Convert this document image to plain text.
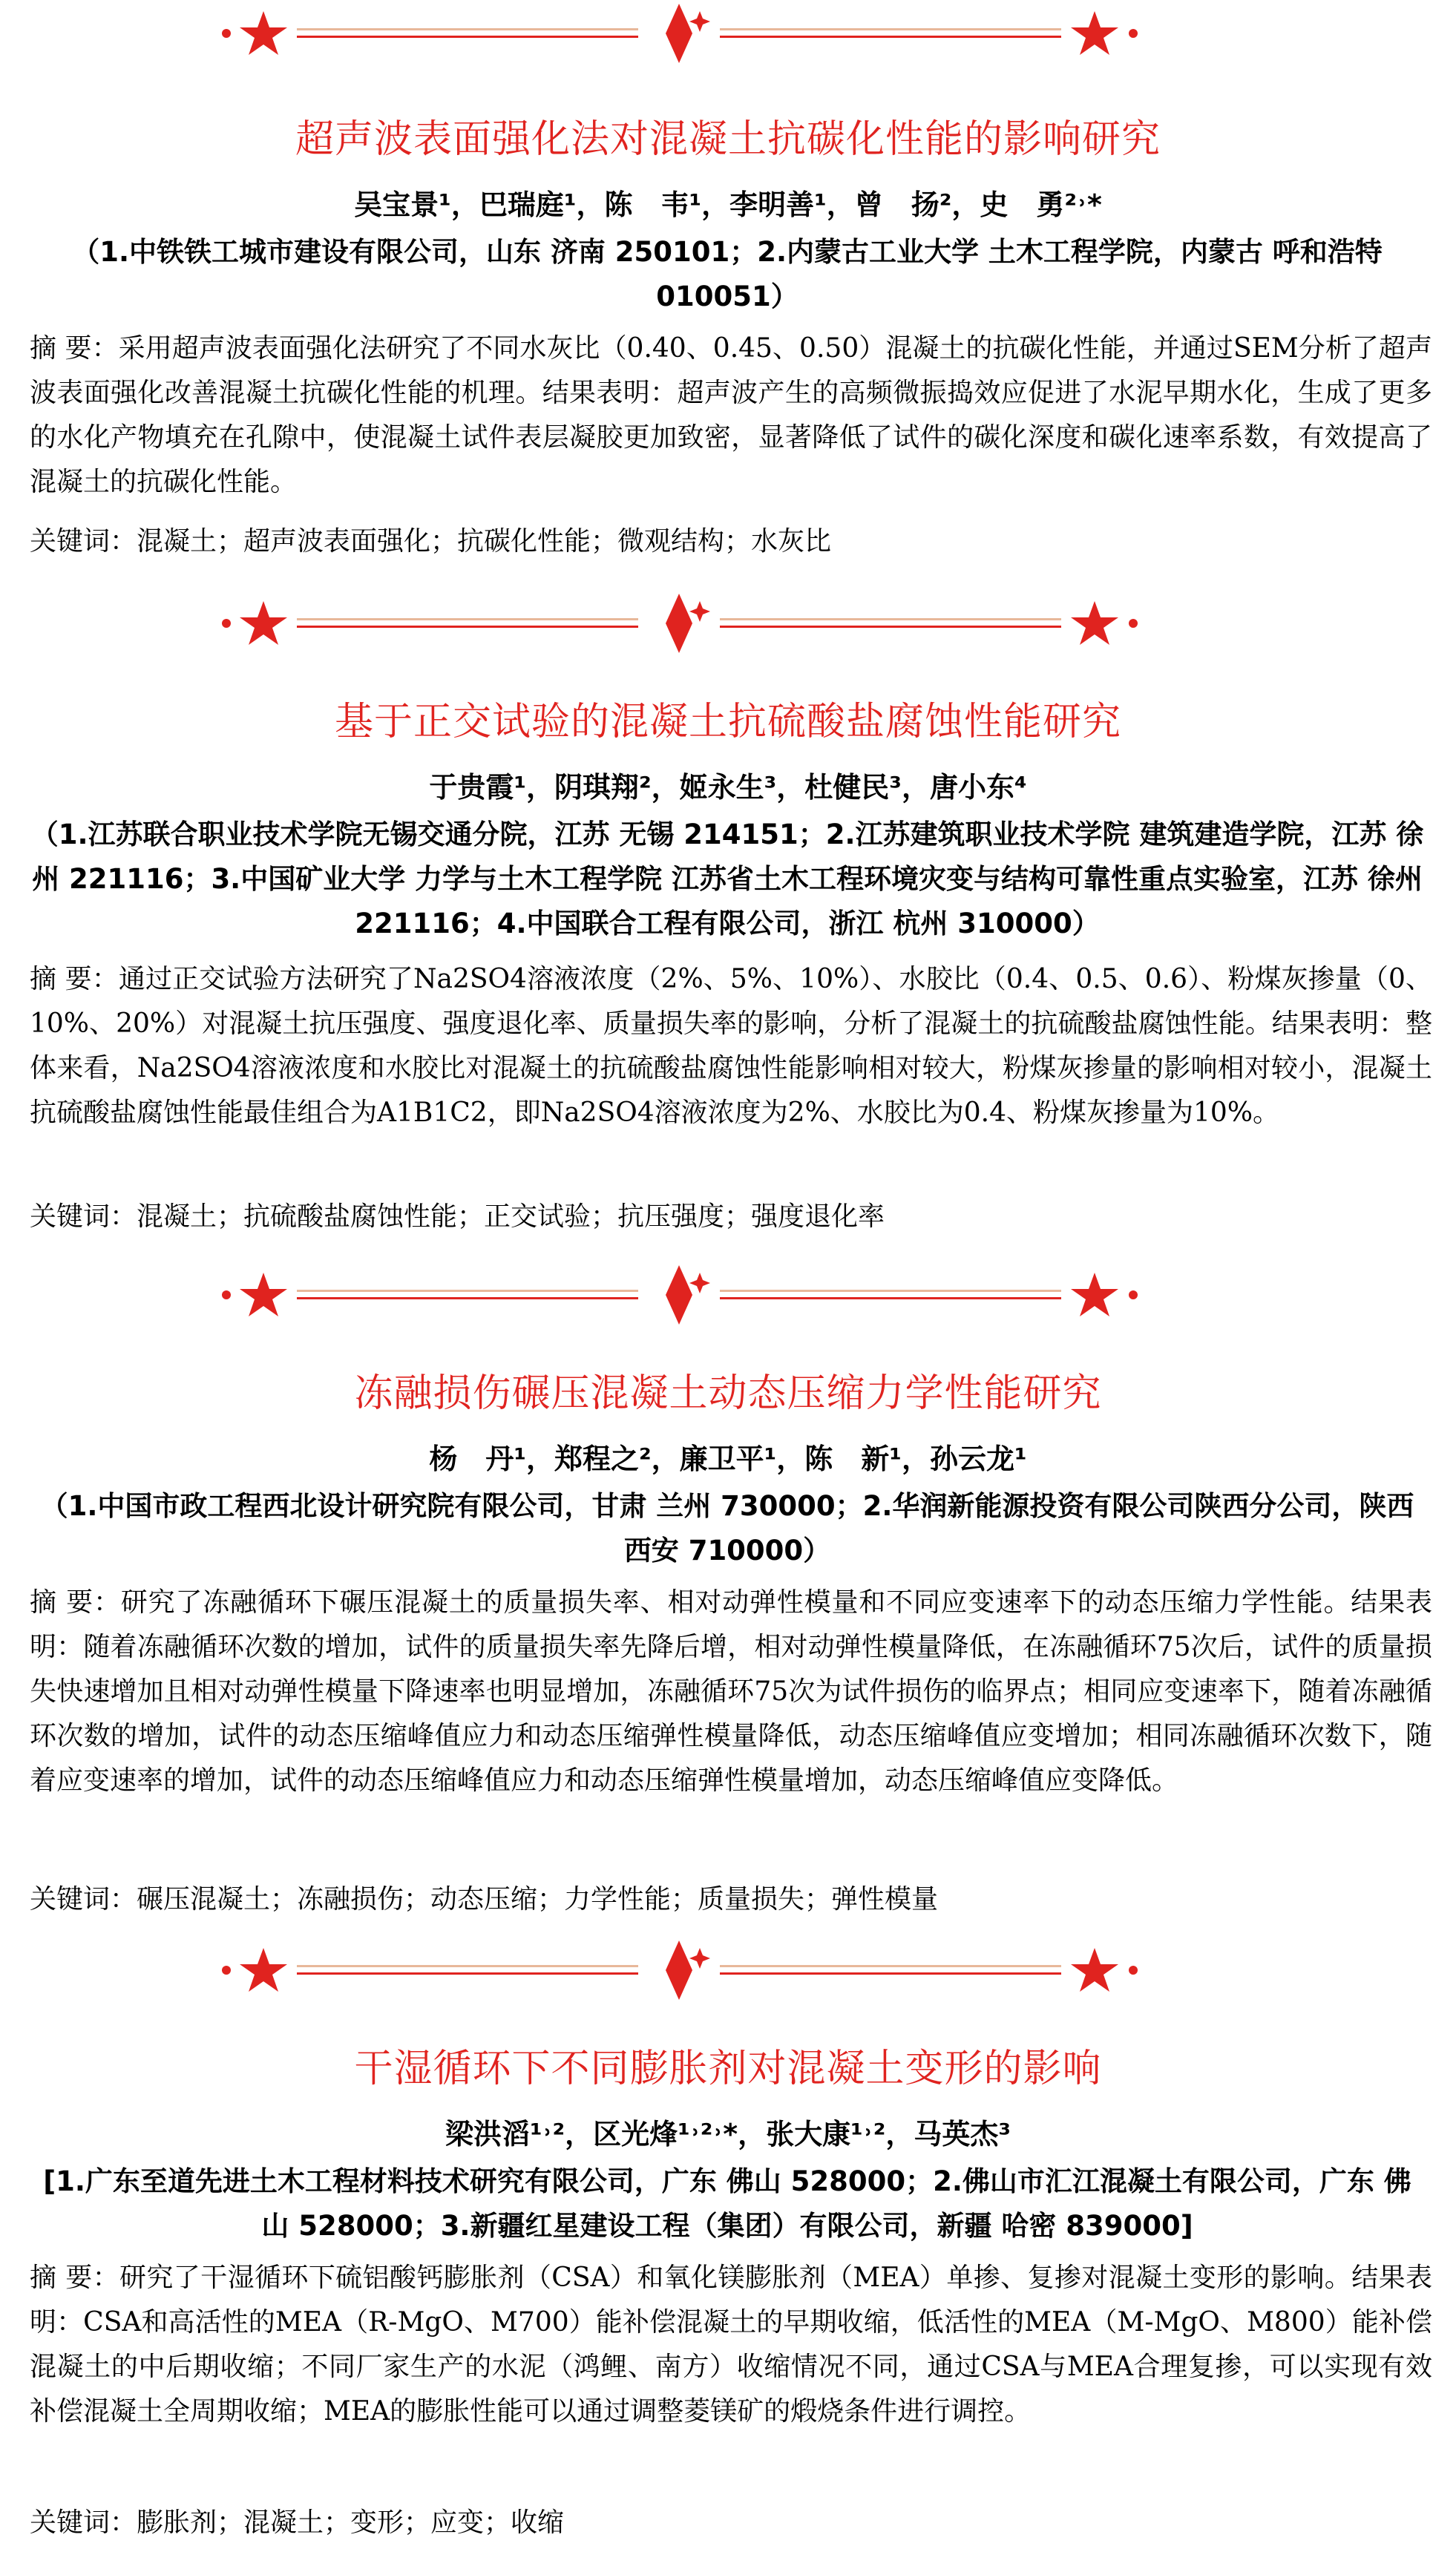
超声波表面强化法对混凝土抗碳化性能的影响研究
吴宝景¹，巴瑞庭¹，陈　韦¹，李明善¹，曾　扬²，史　勇²˒*
（1.中铁铁工城市建设有限公司，山东 济南 250101；2.内蒙古工业大学 土木工程学院，内蒙古 呼和浩特 010051）
摘 要：采用超声波表面强化法研究了不同水灰比（0.40、0.45、0.50）混凝土的抗碳化性能，并通过SEM分析了超声波表面强化改善混凝土抗碳化性能的机理。结果表明：超声波产生的高频微振捣效应促进了水泥早期水化，生成了更多的水化产物填充在孔隙中，使混凝土试件表层凝胶更加致密，显著降低了试件的碳化深度和碳化速率系数，有效提高了混凝土的抗碳化性能。
关键词：混凝土；超声波表面强化；抗碳化性能；微观结构；水灰比
基于正交试验的混凝土抗硫酸盐腐蚀性能研究
于贵霞¹，阴琪翔²，姬永生³，杜健民³，唐小东⁴
（1.江苏联合职业技术学院无锡交通分院，江苏 无锡 214151；2.江苏建筑职业技术学院 建筑建造学院，江苏 徐州 221116；3.中国矿业大学 力学与土木工程学院 江苏省土木工程环境灾变与结构可靠性重点实验室，江苏 徐州 221116；4.中国联合工程有限公司，浙江 杭州 310000）
摘 要：通过正交试验方法研究了Na2SO4溶液浓度（2%、5%、10%）、水胶比（0.4、0.5、0.6）、粉煤灰掺量（0、10%、20%）对混凝土抗压强度、强度退化率、质量损失率的影响，分析了混凝土的抗硫酸盐腐蚀性能。结果表明：整体来看，Na2SO4溶液浓度和水胶比对混凝土的抗硫酸盐腐蚀性能影响相对较大，粉煤灰掺量的影响相对较小，混凝土抗硫酸盐腐蚀性能最佳组合为A1B1C2，即Na2SO4溶液浓度为2%、水胶比为0.4、粉煤灰掺量为10%。
关键词：混凝土；抗硫酸盐腐蚀性能；正交试验；抗压强度；强度退化率
冻融损伤碾压混凝土动态压缩力学性能研究
杨　丹¹，郑程之²，廉卫平¹，陈　新¹，孙云龙¹
（1.中国市政工程西北设计研究院有限公司，甘肃 兰州 730000；2.华润新能源投资有限公司陕西分公司，陕西 西安 710000）
摘 要：研究了冻融循环下碾压混凝土的质量损失率、相对动弹性模量和不同应变速率下的动态压缩力学性能。结果表明：随着冻融循环次数的增加，试件的质量损失率先降后增，相对动弹性模量降低，在冻融循环75次后，试件的质量损失快速增加且相对动弹性模量下降速率也明显增加，冻融循环75次为试件损伤的临界点；相同应变速率下，随着冻融循环次数的增加，试件的动态压缩峰值应力和动态压缩弹性模量降低，动态压缩峰值应变增加；相同冻融循环次数下，随着应变速率的增加，试件的动态压缩峰值应力和动态压缩弹性模量增加，动态压缩峰值应变降低。
关键词：碾压混凝土；冻融损伤；动态压缩；力学性能；质量损失；弹性模量
干湿循环下不同膨胀剂对混凝土变形的影响
梁洪滔¹˒²，区光烽¹˒²˒*，张大康¹˒²，马英杰³
[1.广东至道先进土木工程材料技术研究有限公司，广东 佛山 528000；2.佛山市汇江混凝土有限公司，广东 佛山 528000；3.新疆红星建设工程（集团）有限公司，新疆 哈密 839000]
摘 要：研究了干湿循环下硫铝酸钙膨胀剂（CSA）和氧化镁膨胀剂（MEA）单掺、复掺对混凝土变形的影响。结果表明：CSA和高活性的MEA（R-MgO、M700）能补偿混凝土的早期收缩，低活性的MEA（M-MgO、M800）能补偿混凝土的中后期收缩；不同厂家生产的水泥（鸿鲤、南方）收缩情况不同，通过CSA与MEA合理复掺，可以实现有效补偿混凝土全周期收缩；MEA的膨胀性能可以通过调整菱镁矿的煅烧条件进行调控。
关键词：膨胀剂；混凝土；变形；应变；收缩
